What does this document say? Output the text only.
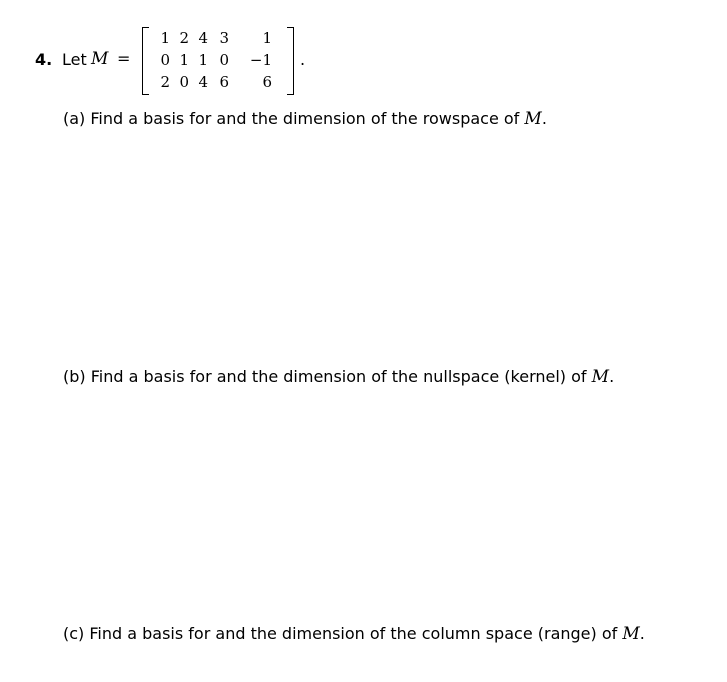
4. Let M =
1	2	4	3	1
0	1	1	0	−1
2	0	4	6	6
.
(a) Find a basis for and the dimension of the rowspace of M.
(b) Find a basis for and the dimension of the nullspace (kernel) of M.
(c) Find a basis for and the dimension of the column space (range) of M.
